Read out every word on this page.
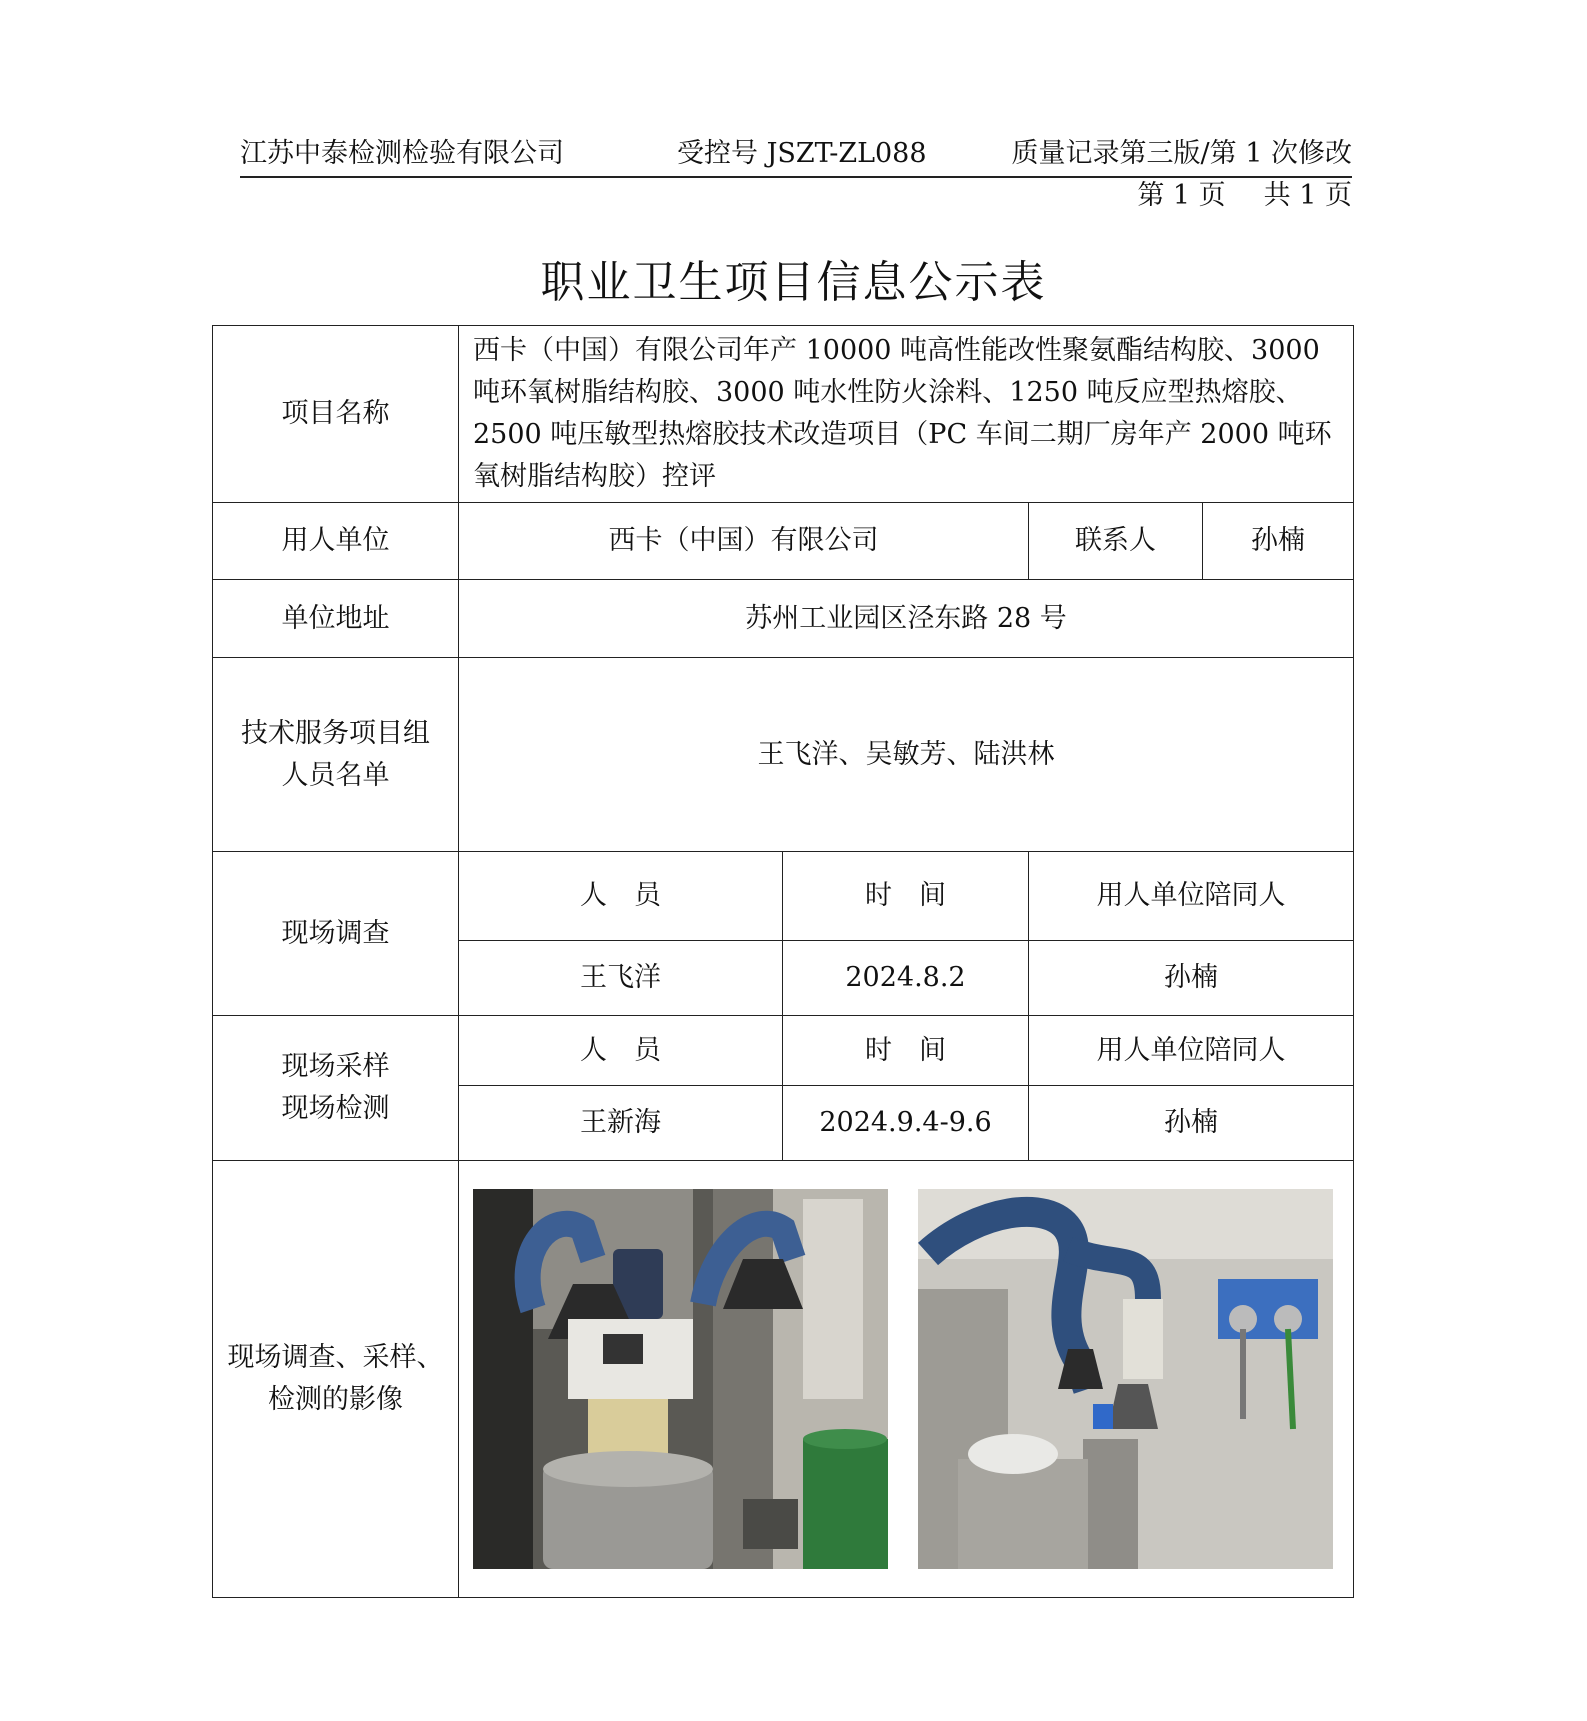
江苏中泰检测检验有限公司	受控号 JSZT-ZL088	质量记录第三版/第 1 次修改
第 1 页 共 1 页
职业卫生项目信息公示表
项目名称	西卡（中国）有限公司年产 10000 吨高性能改性聚氨酯结构胶、3000 吨环氧树脂结构胶、3000 吨水性防火涂料、1250 吨反应型热熔胶、2500 吨压敏型热熔胶技术改造项目（PC 车间二期厂房年产 2000 吨环氧树脂结构胶）控评			
用人单位	西卡（中国）有限公司		联系人	孙楠
单位地址	苏州工业园区泾东路 28 号			

技术服务项目组
人员名单	王飞洋、吴敏芳、陆洪林			
现场调查	人　员	时　间	用人单位陪同人	
	王飞洋	2024.8.2	孙楠	

现场采样
现场检测	人　员	时　间	用人单位陪同人	
	王新海	2024.9.4-9.6	孙楠	

现场调查、采样、
检测的影像
